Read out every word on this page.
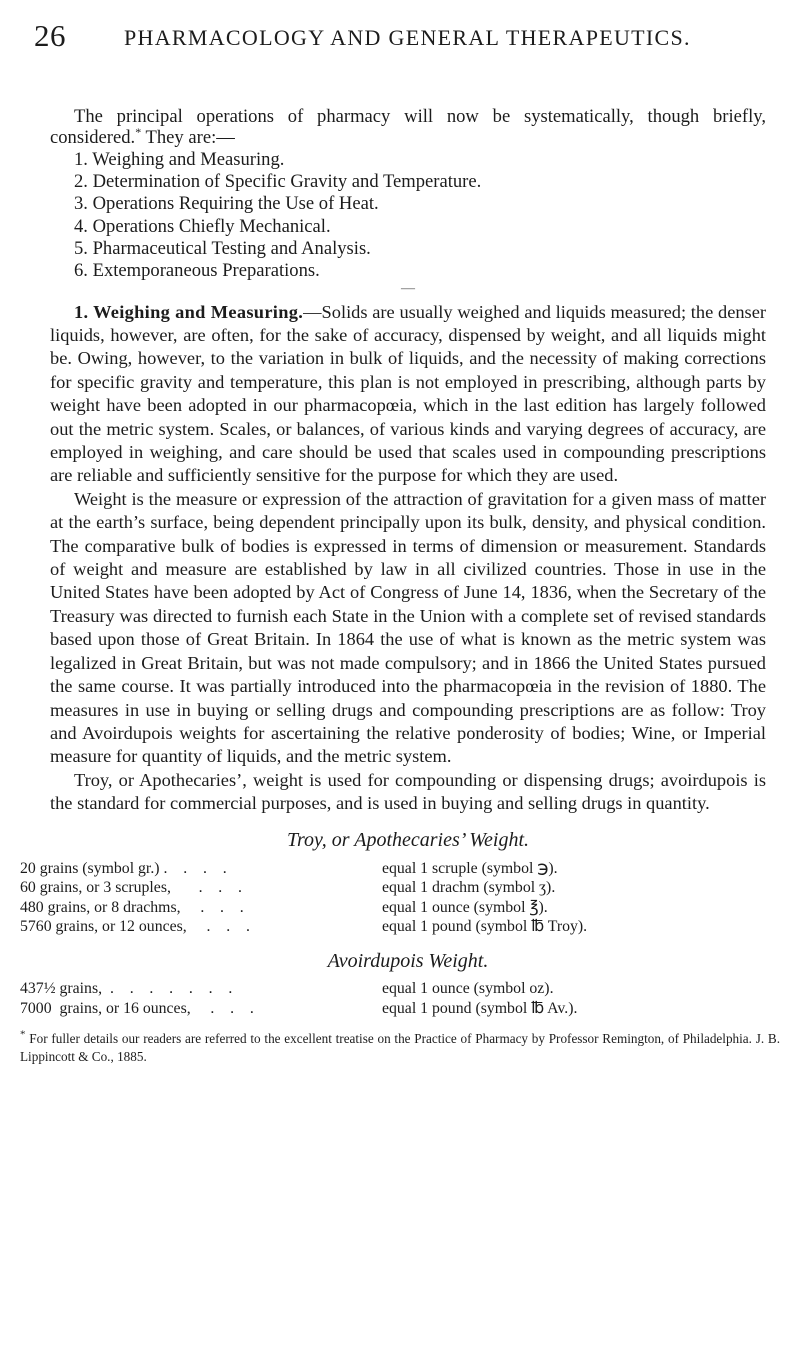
26	PHARMACOLOGY AND GENERAL THERAPEUTICS.

The principal operations of pharmacy will now be systematically, though briefly, considered.* They are:—

1. Weighing and Measuring.
2. Determination of Specific Gravity and Temperature.
3. Operations Requiring the Use of Heat.
4. Operations Chiefly Mechanical.
5. Pharmaceutical Testing and Analysis.
6. Extemporaneous Preparations.
—

1. Weighing and Measuring.—Solids are usually weighed and liquids measured; the denser liquids, however, are often, for the sake of accuracy, dispensed by weight, and all liquids might be. Owing, however, to the variation in bulk of liquids, and the necessity of making corrections for specific gravity and temperature, this plan is not employed in prescribing, although parts by weight have been adopted in our pharmacopœia, which in the last edition has largely followed out the metric system. Scales, or balances, of various kinds and varying degrees of accuracy, are employed in weighing, and care should be used that scales used in compounding prescriptions are reliable and sufficiently sensitive for the purpose for which they are used.

Weight is the measure or expression of the attraction of gravitation for a given mass of matter at the earth’s surface, being dependent principally upon its bulk, density, and physical condition. The comparative bulk of bodies is expressed in terms of dimension or measurement. Standards of weight and measure are established by law in all civilized countries. Those in use in the United States have been adopted by Act of Congress of June 14, 1836, when the Secretary of the Treasury was directed to furnish each State in the Union with a complete set of revised standards based upon those of Great Britain. In 1864 the use of what is known as the metric system was legalized in Great Britain, but was not made compulsory; and in 1866 the United States pursued the same course. It was partially introduced into the pharmacopœia in the revision of 1880. The measures in use in buying or selling drugs and compounding prescriptions are as follow: Troy and Avoirdupois weights for ascertaining the relative ponderosity of bodies; Wine, or Imperial measure for quantity of liquids, and the metric system.

Troy, or Apothecaries’, weight is used for compounding or dispensing drugs; avoirdupois is the standard for commercial purposes, and is used in buying and selling drugs in quantity.

Troy, or Apothecaries’ Weight.
20 grains (symbol gr.) .    .    .    .	equal 1 scruple (symbol ℈).
60 grains, or 3 scruples,       .    .    .	equal 1 drachm (symbol ʒ).
480 grains, or 8 drachms,     .    .    .	equal 1 ounce (symbol ℥).
5760 grains, or 12 ounces,     .    .    .	equal 1 pound (symbol ℔ Troy).
Avoirdupois Weight.
437½ grains,  .    .    .    .    .    .    .	equal 1 ounce (symbol oz).
7000  grains, or 16 ounces,     .    .    .	equal 1 pound (symbol ℔ Av.).
* For fuller details our readers are referred to the excellent treatise on the Practice of Pharmacy by Professor Remington, of Philadelphia. J. B. Lippincott & Co., 1885.
